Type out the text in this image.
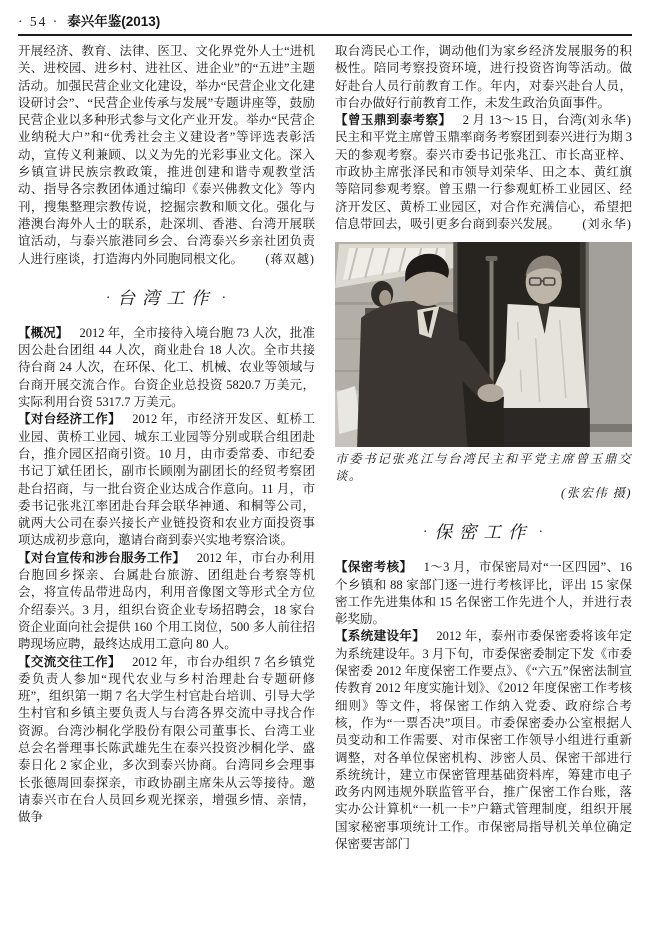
· 54 · 泰兴年鉴(2013)

开展经济、教育、法律、医卫、文化界党外人士“进机关、进校园、进乡村、进社区、进企业”的“五进”主题活动。加强民营企业文化建设，举办“民营企业文化建设研讨会”、“民营企业传承与发展”专题讲座等，鼓励民营企业以多种形式参与文化产业开发。举办“民营企业纳税大户”和“优秀社会主义建设者”等评选表彰活动，宣传义利兼顾、以义为先的光彩事业文化。深入乡镇宣讲民族宗教政策，推进创建和谐寺观教堂活动、指导各宗教团体通过编印《泰兴佛教文化》等内刊，搜集整理宗教传说，挖掘宗教和顺文化。强化与港澳台海外人士的联系，赴深圳、香港、台湾开展联谊活动，与泰兴旅港同乡会、台湾泰兴乡亲社团负责人进行座谈，打造海内外同胞同根文化。 (蒋双越)

· 台湾工作 ·

【概况】 2012 年，全市接待入境台胞 73 人次，批准因公赴台团组 44 人次，商业赴台 18 人次。全市共接待台商 24 人次，在环保、化工、机械、农业等领域与台商开展交流合作。台资企业总投资 5820.7 万美元，实际利用台资 5317.7 万美元。

【对台经济工作】 2012 年，市经济开发区、虹桥工业园、黄桥工业园、城东工业园等分别或联合组团赴台，推介园区招商引资。10 月，由市委常委、市纪委书记丁斌任团长，副市长顾刚为副团长的经贸考察团赴台招商，与一批台资企业达成合作意向。11 月，市委书记张兆江率团赴台拜会联华神通、和桐等公司，就两大公司在泰兴接长产业链投资和农业方面投资事项达成初步意向，邀请台商到泰兴实地考察洽谈。

【对台宣传和涉台服务工作】 2012 年，市台办利用台胞回乡探亲、台属赴台旅游、团组赴台考察等机会，将宣传品带进岛内，利用音像图文等形式全方位介绍泰兴。3 月，组织台资企业专场招聘会，18 家台资企业面向社会提供 160 个用工岗位，500 多人前往招聘现场应聘，最终达成用工意向 80 人。

【交流交往工作】 2012 年，市台办组织 7 名乡镇党委负责人参加“现代农业与乡村治理赴台专题研修班”，组织第一期 7 名大学生村官赴台培训、引导大学生村官和乡镇主要负责人与台湾各界交流中寻找合作资源。台湾沙桐化学股份有限公司董事长、台湾工业总会名誉理事长陈武雄先生在泰兴投资沙桐化学、盛泰日化 2 家企业，多次到泰兴协商。台湾同乡会理事长张德周回泰探亲，市政协副主席朱从云等接待。邀请泰兴市在台人员回乡观光探亲，增强乡情、亲情，做争

取台湾民心工作，调动他们为家乡经济发展服务的积极性。陪同考察投资环境，进行投资咨询等活动。做好赴台人员行前教育工作。年内，对泰兴赴台人员，市台办做好行前教育工作，未发生政治负面事件。
(刘永华)

【曾玉鼎到泰考察】 2 月 13～15 日，台湾民主和平党主席曾玉鼎率商务考察团到泰兴进行为期 3 天的参观考察。泰兴市委书记张兆江、市长高亚梓、市政协主席张泽民和市领导刘荣华、田之本、黄红旗等陪同参观考察。曾玉鼎一行参观虹桥工业园区、经济开发区、黄桥工业园区，对合作充满信心，希望把信息带回去，吸引更多台商到泰兴发展。 (刘永华)

市委书记张兆江与台湾民主和平党主席曾玉鼎交谈。
(张宏伟 摄)
· 保密工作 ·

【保密考核】 1～3 月，市保密局对“一区四园”、16 个乡镇和 88 家部门逐一进行考核评比，评出 15 家保密工作先进集体和 15 名保密工作先进个人，并进行表彰奖励。

【系统建设年】 2012 年，泰州市委保密委将该年定为系统建设年。3 月下旬，市委保密委制定下发《市委保密委 2012 年度保密工作要点》、《“六五”保密法制宣传教育 2012 年度实施计划》、《2012 年度保密工作考核细则》等文件，将保密工作纳入党委、政府综合考核，作为“一票否决”项目。市委保密委办公室根据人员变动和工作需要、对市保密工作领导小组进行重新调整，对各单位保密机构、涉密人员、保密干部进行系统统计，建立市保密管理基础资料库，筹建市电子政务内网违规外联监管平台，推广保密工作台账，落实办公计算机“一机一卡”户籍式管理制度，组织开展国家秘密事项统计工作。市保密局指导机关单位确定保密要害部门
